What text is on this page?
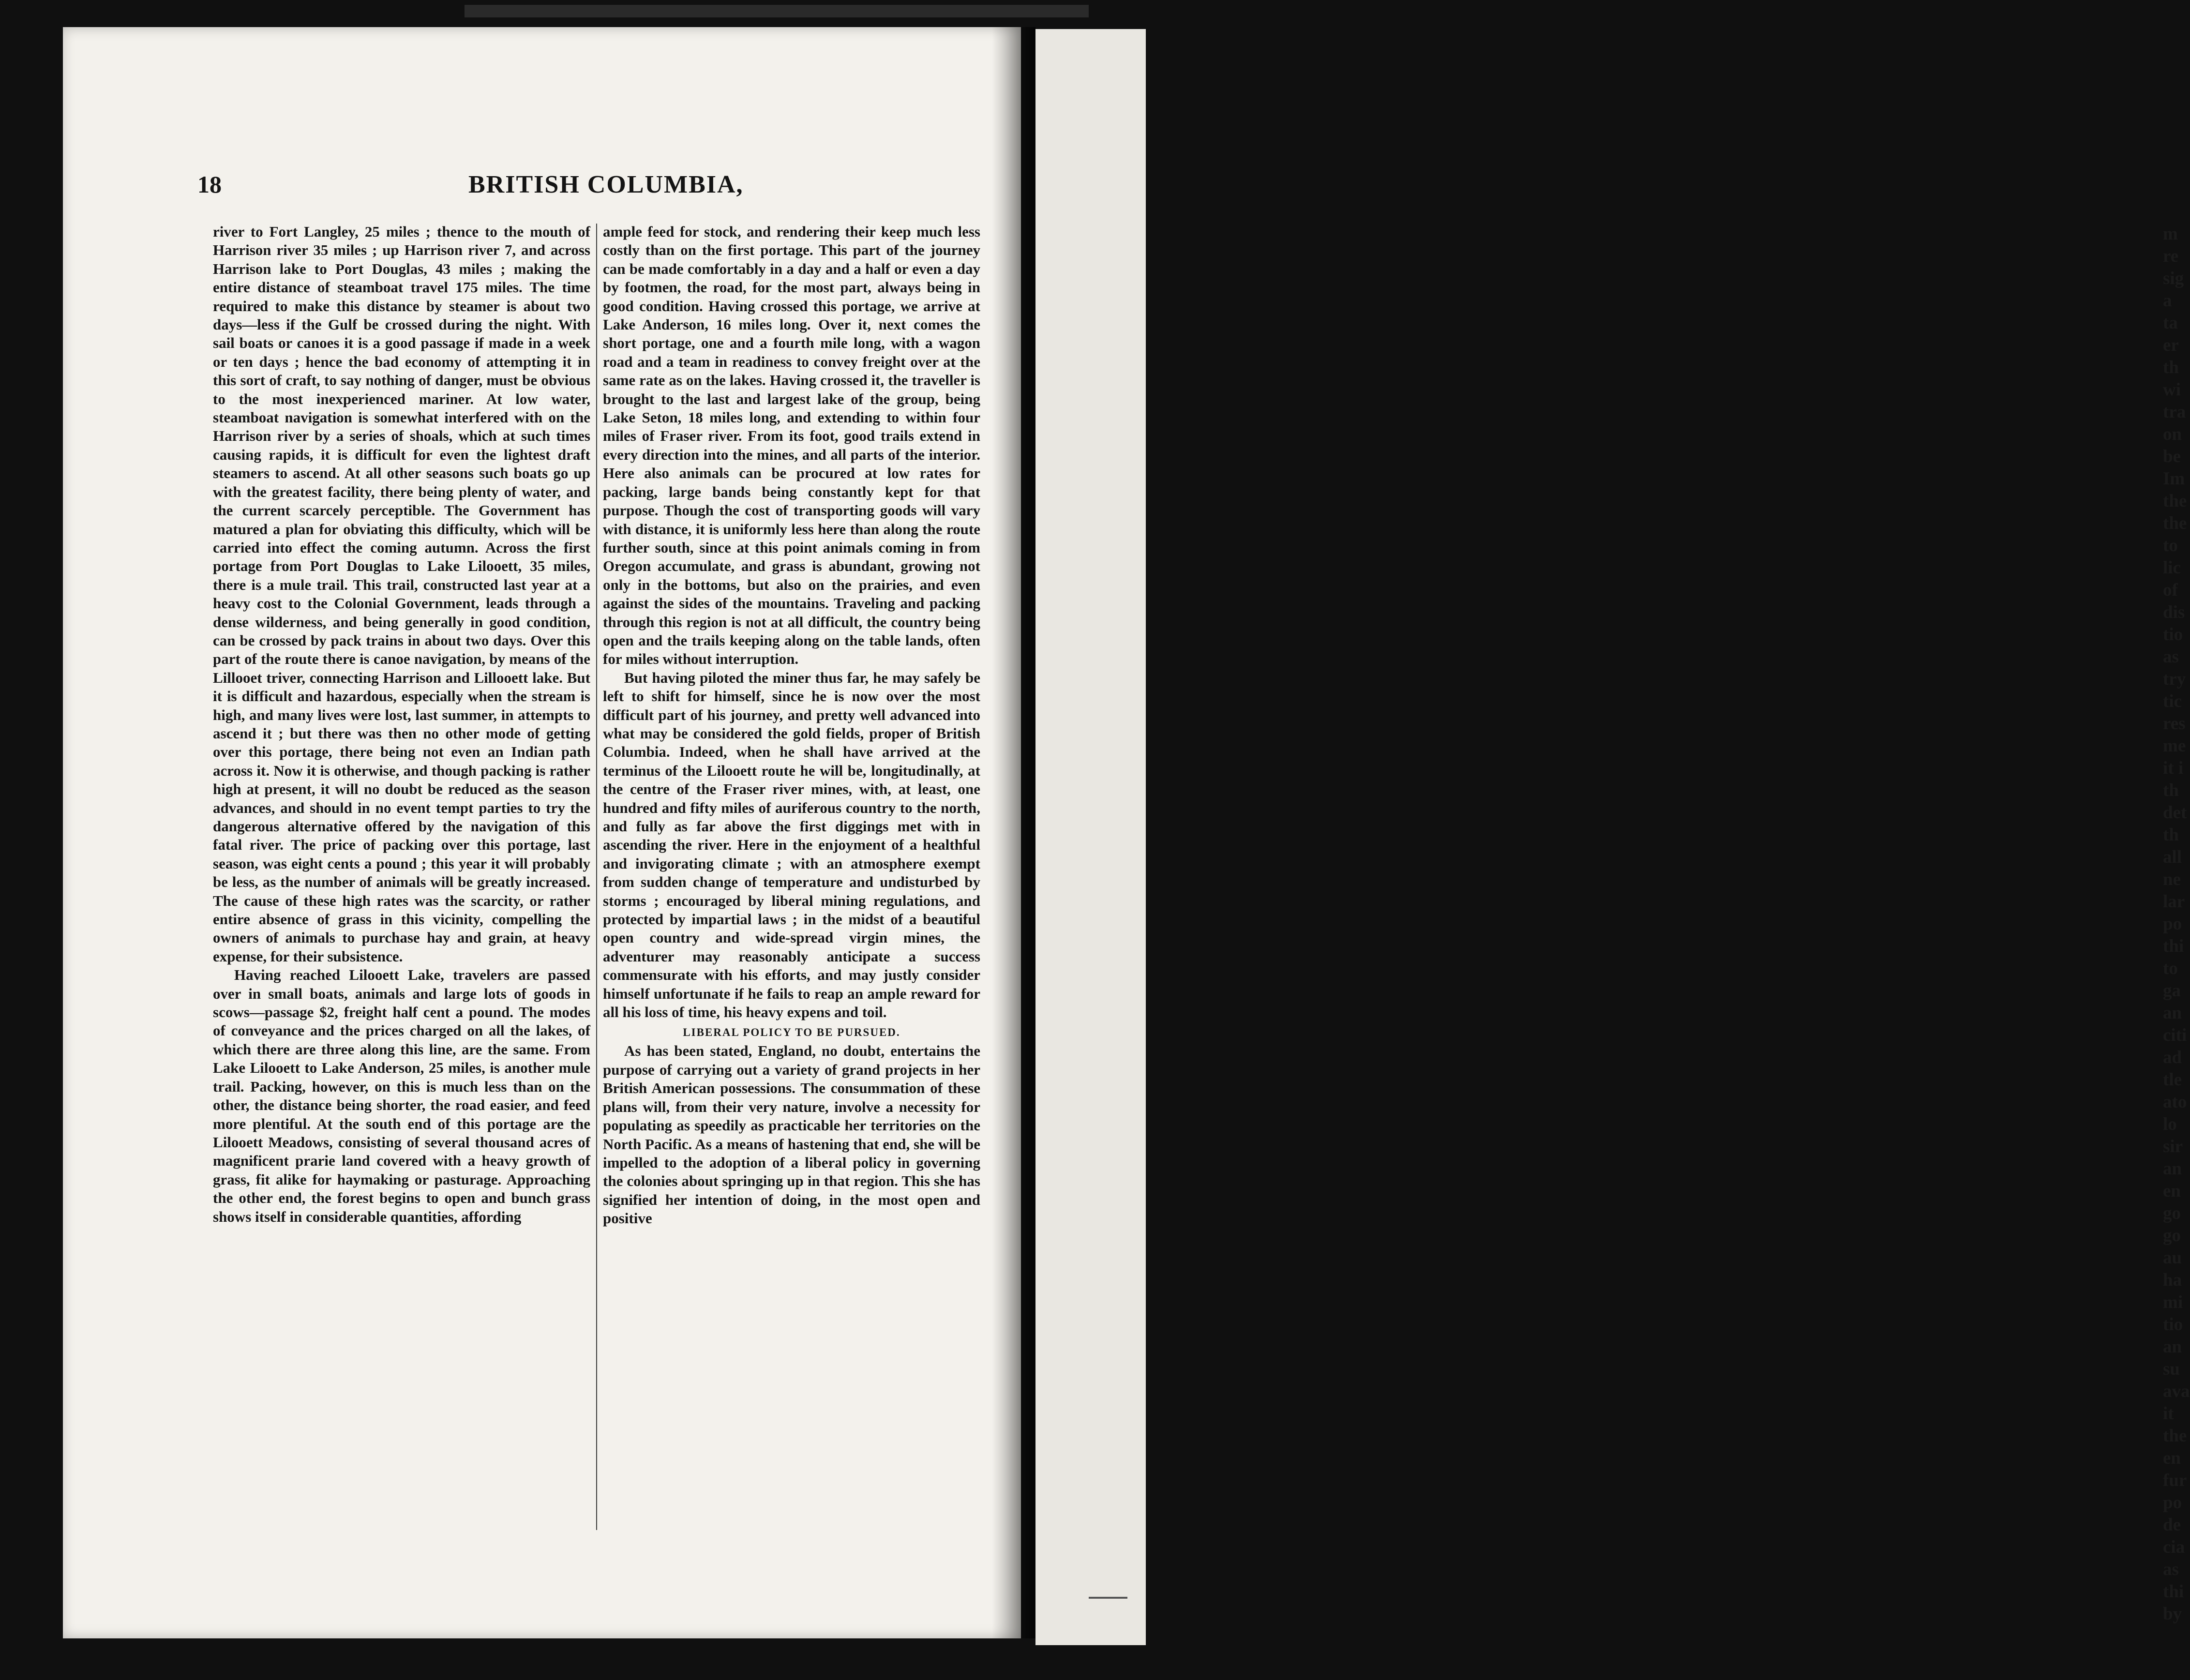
m
re
sig
a
ta
er
th
wi
tra
on
be
Im
the
the
to
lic
of
dis
tio
as
try
tic
res
me
it i
th
det
th
all
ne
lar
po
thi
to
ga
an
citi
ad
tle
ato
lo
sir
an
en
go
go
au
ha
mi
tio
an
su
ava
it
the
en
fur
po
de
cia
as
thi
by
18	BRITISH COLUMBIA,

river to Fort Langley, 25 miles ; thence to the mouth of Harrison river 35 miles ; up Harrison river 7, and across Harrison lake to Port Douglas, 43 miles ; making the entire distance of steamboat travel 175 miles. The time required to make this distance by steamer is about two days—less if the Gulf be crossed during the night. With sail boats or canoes it is a good passage if made in a week or ten days ; hence the bad economy of attempting it in this sort of craft, to say nothing of danger, must be obvious to the most inexperienced mariner. At low water, steamboat navigation is somewhat interfered with on the Harrison river by a series of shoals, which at such times causing rapids, it is difficult for even the lightest draft steamers to ascend. At all other seasons such boats go up with the greatest facility, there being plenty of water, and the current scarcely perceptible. The Government has matured a plan for obviating this difficulty, which will be carried into effect the coming autumn. Across the first portage from Port Douglas to Lake Lilooett, 35 miles, there is a mule trail. This trail, constructed last year at a heavy cost to the Colonial Government, leads through a dense wilderness, and being generally in good condition, can be crossed by pack trains in about two days. Over this part of the route there is canoe navigation, by means of the Lillooet triver, connecting Harrison and Lillooett lake. But it is difficult and hazardous, especially when the stream is high, and many lives were lost, last summer, in attempts to ascend it ; but there was then no other mode of getting over this portage, there being not even an Indian path across it. Now it is otherwise, and though packing is rather high at present, it will no doubt be reduced as the season advances, and should in no event tempt parties to try the dangerous alternative offered by the navigation of this fatal river. The price of packing over this portage, last season, was eight cents a pound ; this year it will probably be less, as the number of animals will be greatly increased. The cause of these high rates was the scarcity, or rather entire absence of grass in this vicinity, compelling the owners of animals to purchase hay and grain, at heavy expense, for their subsistence.

Having reached Lilooett Lake, travelers are passed over in small boats, animals and large lots of goods in scows—passage $2, freight half cent a pound. The modes of conveyance and the prices charged on all the lakes, of which there are three along this line, are the same. From Lake Lilooett to Lake Anderson, 25 miles, is another mule trail. Packing, however, on this is much less than on the other, the distance being shorter, the road easier, and feed more plentiful. At the south end of this portage are the Lilooett Meadows, consisting of several thousand acres of magnificent prarie land covered with a heavy growth of grass, fit alike for haymaking or pasturage. Approaching the other end, the forest begins to open and bunch grass shows itself in considerable quantities, affording

ample feed for stock, and rendering their keep much less costly than on the first portage. This part of the journey can be made comfortably in a day and a half or even a day by footmen, the road, for the most part, always being in good condition. Having crossed this portage, we arrive at Lake Anderson, 16 miles long. Over it, next comes the short portage, one and a fourth mile long, with a wagon road and a team in readiness to convey freight over at the same rate as on the lakes. Having crossed it, the traveller is brought to the last and largest lake of the group, being Lake Seton, 18 miles long, and extending to within four miles of Fraser river. From its foot, good trails extend in every direction into the mines, and all parts of the interior. Here also animals can be procured at low rates for packing, large bands being constantly kept for that purpose. Though the cost of transporting goods will vary with distance, it is uniformly less here than along the route further south, since at this point animals coming in from Oregon accumulate, and grass is abundant, growing not only in the bottoms, but also on the prairies, and even against the sides of the mountains. Traveling and packing through this region is not at all difficult, the country being open and the trails keeping along on the table lands, often for miles without interruption.

But having piloted the miner thus far, he may safely be left to shift for himself, since he is now over the most difficult part of his journey, and pretty well advanced into what may be considered the gold fields, proper of British Columbia. Indeed, when he shall have arrived at the terminus of the Lilooett route he will be, longitudinally, at the centre of the Fraser river mines, with, at least, one hundred and fifty miles of auriferous country to the north, and fully as far above the first diggings met with in ascending the river. Here in the enjoyment of a healthful and invigorating climate ; with an atmosphere exempt from sudden change of temperature and undisturbed by storms ; encouraged by liberal mining regulations, and protected by impartial laws ; in the midst of a beautiful open country and wide-spread virgin mines, the adventurer may reasonably anticipate a success commensurate with his efforts, and may justly consider himself unfortunate if he fails to reap an ample reward for all his loss of time, his heavy expens and toil.

LIBERAL POLICY TO BE PURSUED.

As has been stated, England, no doubt, entertains the purpose of carrying out a variety of grand projects in her British American possessions. The consummation of these plans will, from their very nature, involve a necessity for populating as speedily as practicable her territories on the North Pacific. As a means of hastening that end, she will be impelled to the adoption of a liberal policy in governing the colonies about springing up in that region. This she has signified her intention of doing, in the most open and positive
